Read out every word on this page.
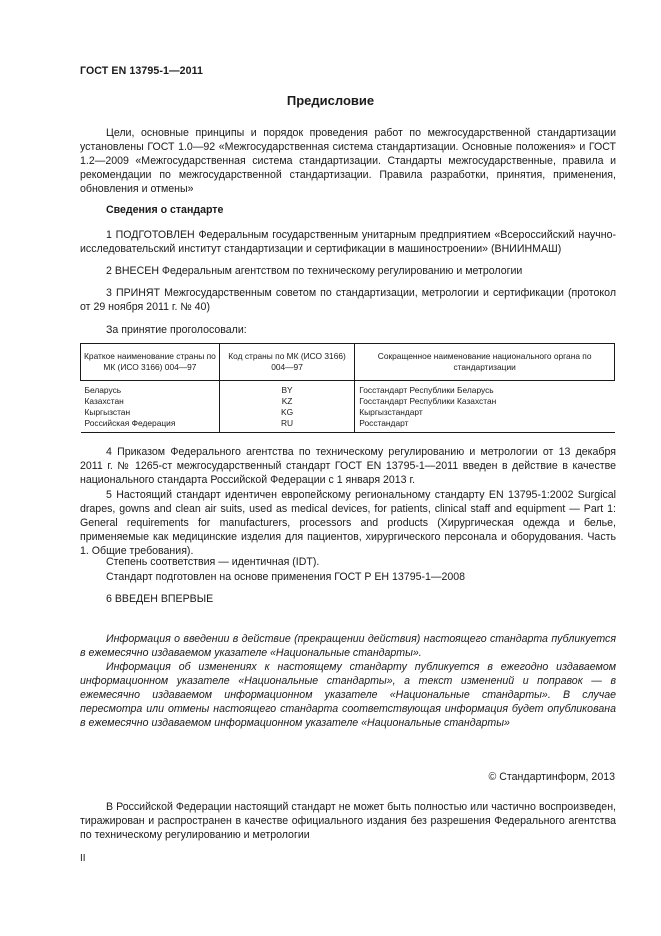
ГОСТ EN 13795-1—2011
Предисловие

Цели, основные принципы и порядок проведения работ по межгосударственной стандартизации установлены ГОСТ 1.0—92 «Межгосударственная система стандартизации. Основные положения» и ГОСТ 1.2—2009 «Межгосударственная система стандартизации. Стандарты межгосударственные, правила и рекомендации по межгосударственной стандартизации. Правила разработки, принятия, применения, обновления и отмены»

Сведения о стандарте

1 ПОДГОТОВЛЕН Федеральным государственным унитарным предприятием «Всероссийский научно-исследовательский институт стандартизации и сертификации в машиностроении» (ВНИИНМАШ)

2 ВНЕСЕН Федеральным агентством по техническому регулированию и метрологии

3 ПРИНЯТ Межгосударственным советом по стандартизации, метрологии и сертификации (протокол от 29 ноября 2011 г. № 40)

За принятие проголосовали:
Краткое наименование страны по МК (ИСО 3166) 004—97	Код страны по МК (ИСО 3166) 004—97	Сокращенное наименование национального органа по стандартизации
Беларусь	BY	Госстандарт Республики Беларусь
Казахстан	KZ	Госстандарт Республики Казахстан
Кыргызстан	KG	Кыргызстандарт
Российская Федерация	RU	Росстандарт

4 Приказом Федерального агентства по техническому регулированию и метрологии от 13 декабря 2011 г. № 1265-ст межгосударственный стандарт ГОСТ EN 13795-1—2011 введен в действие в качестве национального стандарта Российской Федерации с 1 января 2013 г.

5 Настоящий стандарт идентичен европейскому региональному стандарту EN 13795-1:2002 Surgical drapes, gowns and clean air suits, used as medical devices, for patients, clinical staff and equipment — Part 1: General requirements for manufacturers, processors and products (Хирургическая одежда и белье, применяемые как медицинские изделия для пациентов, хирургического персонала и оборудования. Часть 1. Общие требования).

Степень соответствия — идентичная (IDT).
Стандарт подготовлен на основе применения ГОСТ Р ЕН 13795-1—2008
6 ВВЕДЕН ВПЕРВЫЕ

Информация о введении в действие (прекращении действия) настоящего стандарта публикуется в ежемесячно издаваемом указателе «Национальные стандарты».

Информация об изменениях к настоящему стандарту публикуется в ежегодно издаваемом информационном указателе «Национальные стандарты», а текст изменений и поправок — в ежемесячно издаваемом информационном указателе «Национальные стандарты». В случае пересмотра или отмены настоящего стандарта соответствующая информация будет опубликована в ежемесячно издаваемом информационном указателе «Национальные стандарты»

© Стандартинформ, 2013

В Российской Федерации настоящий стандарт не может быть полностью или частично воспроизведен, тиражирован и распространен в качестве официального издания без разрешения Федерального агентства по техническому регулированию и метрологии

II
